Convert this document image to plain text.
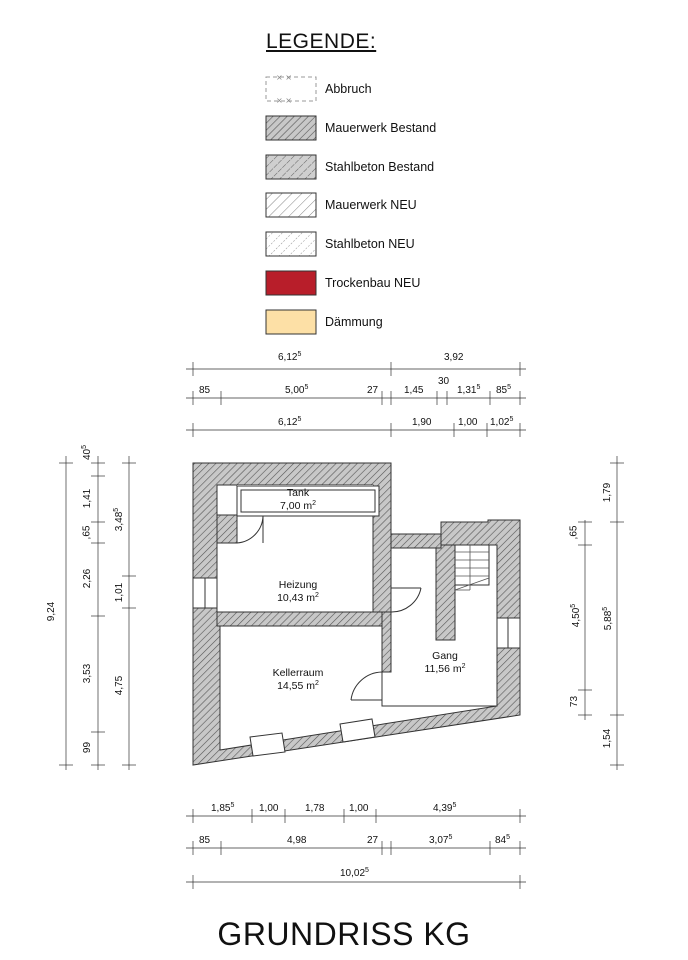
× ×
× ×
LEGENDE:
Abbruch
Mauerwerk Bestand
Stahlbeton Bestand
Mauerwerk NEU
Stahlbeton NEU
Trockenbau NEU
Dämmung
Tank
7,00 $m^2$
Heizung
10,43 $m^2$
Kellerraum
14,55 $m^2$
Gang
11,56 $m^2$
6,12$^5$	3,92
85	5,00$^5$	27	1,45
30
1,31$^5$ $85^5$
6,12$^5$	1,90	1,00 1,02$^5$
1,85$^5$ 1,00	1,78 1,00	4,39$^5$
85	4,98	27	3,07$^5$	$84^5$
10,02$^5$
9,24
$40^5$
1,41
,65
2,26
3,53
99
3,48$^5$
1,01
4,75
,65
4,50$^5$
73
1,79
5,88$^5$
1,54
GRUNDRISS KG
